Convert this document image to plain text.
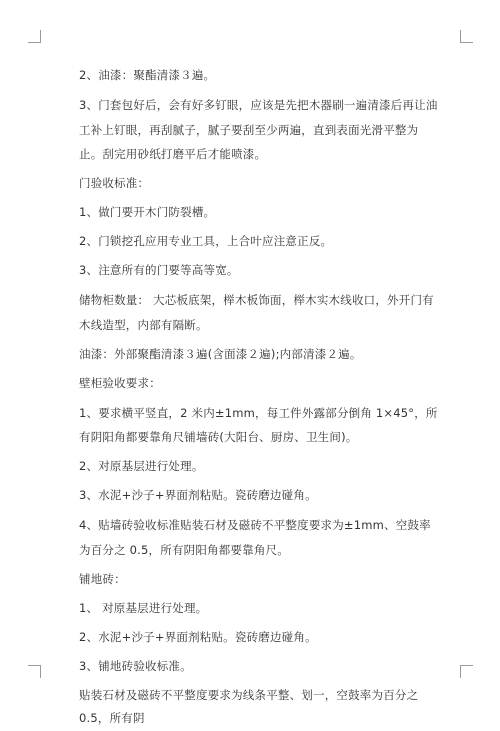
2、油漆：聚酯清漆３遍。

3、门套包好后，会有好多钉眼，应该是先把木器刷一遍清漆后再让油工补上钉眼，再刮腻子，腻子要刮至少两遍，直到表面光滑平整为止。刮完用砂纸打磨平后才能喷漆。

门验收标准：

1、做门要开木门防裂槽。

2、门锁挖孔应用专业工具，上合叶应注意正反。

3、注意所有的门要等高等宽。

储物柜数量： 大芯板底架，榉木板饰面，榉木实木线收口，外开门有木线造型，内部有隔断。

油漆：外部聚酯清漆３遍(含面漆２遍);内部清漆２遍。

壁柜验收要求：

1、要求横平竖直，2 米内±1mm，每工件外露部分倒角 1×45°，所有阴阳角都要靠角尺铺墙砖(大阳台、厨房、卫生间)。

2、对原基层进行处理。

3、水泥+沙子+界面剂粘贴。瓷砖磨边碰角。

4、贴墙砖验收标准贴装石材及磁砖不平整度要求为±1mm、空鼓率为百分之 0.5，所有阴阳角都要靠角尺。

铺地砖：

1、 对原基层进行处理。

2、水泥+沙子+界面剂粘贴。瓷砖磨边碰角。

3、铺地砖验收标准。

贴装石材及磁砖不平整度要求为线条平整、划一，空鼓率为百分之 0.5，所有阴
